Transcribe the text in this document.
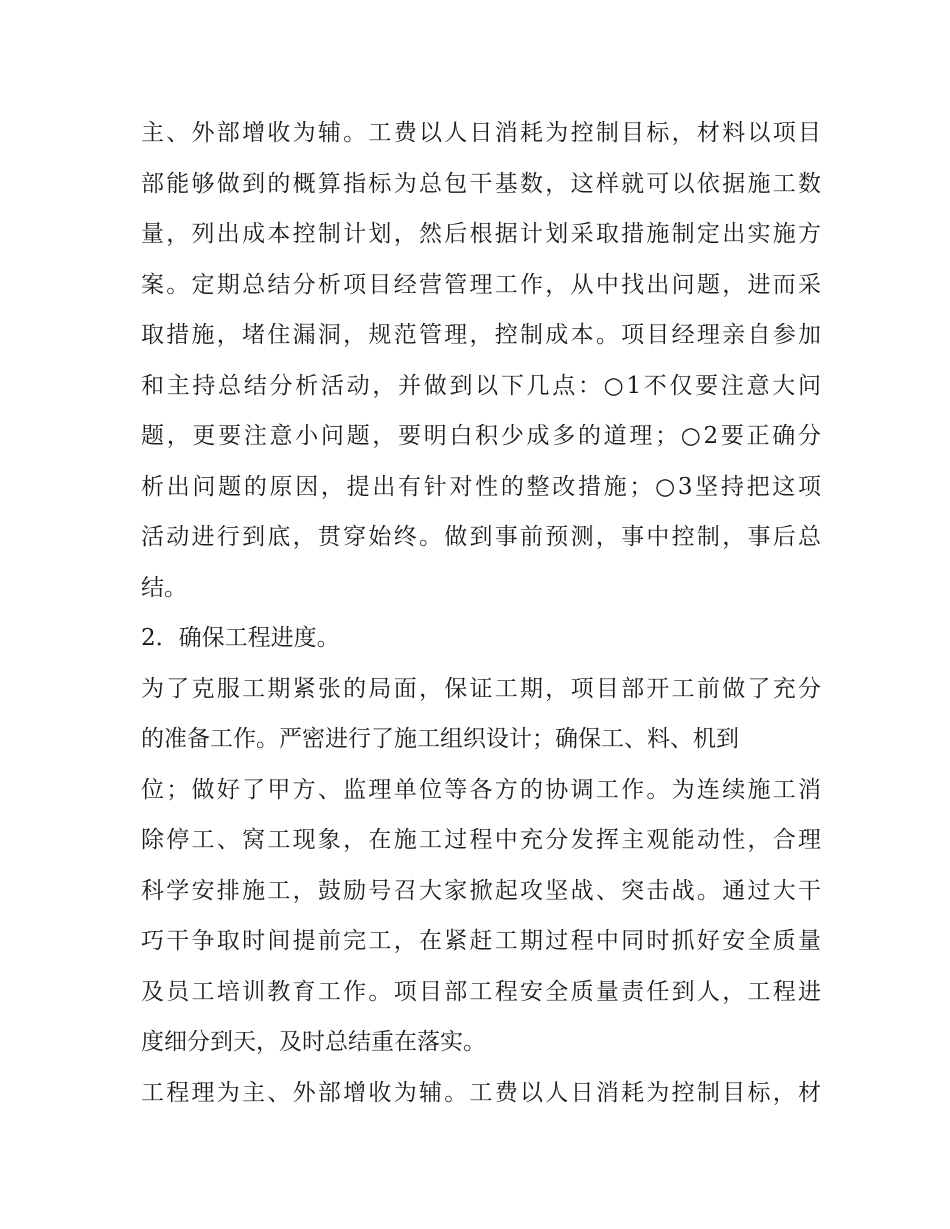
主、外部增收为辅。工费以人日消耗为控制目标，材料以项目
部能够做到的概算指标为总包干基数，这样就可以依据施工数
量，列出成本控制计划，然后根据计划采取措施制定出实施方
案。定期总结分析项目经营管理工作，从中找出问题，进而采
取措施，堵住漏洞，规范管理，控制成本。项目经理亲自参加
和主持总结分析活动，并做到以下几点：○1不仅要注意大问
题，更要注意小问题，要明白积少成多的道理；○2要正确分
析出问题的原因，提出有针对性的整改措施；○3坚持把这项
活动进行到底，贯穿始终。做到事前预测，事中控制，事后总
结。
2．确保工程进度。
为了克服工期紧张的局面，保证工期，项目部开工前做了充分
的准备工作。严密进行了施工组织设计；确保工、料、机到
位；做好了甲方、监理单位等各方的协调工作。为连续施工消
除停工、窝工现象，在施工过程中充分发挥主观能动性，合理
科学安排施工，鼓励号召大家掀起攻坚战、突击战。通过大干
巧干争取时间提前完工，在紧赶工期过程中同时抓好安全质量
及员工培训教育工作。项目部工程安全质量责任到人，工程进
度细分到天，及时总结重在落实。
工程理为主、外部增收为辅。工费以人日消耗为控制目标，材
